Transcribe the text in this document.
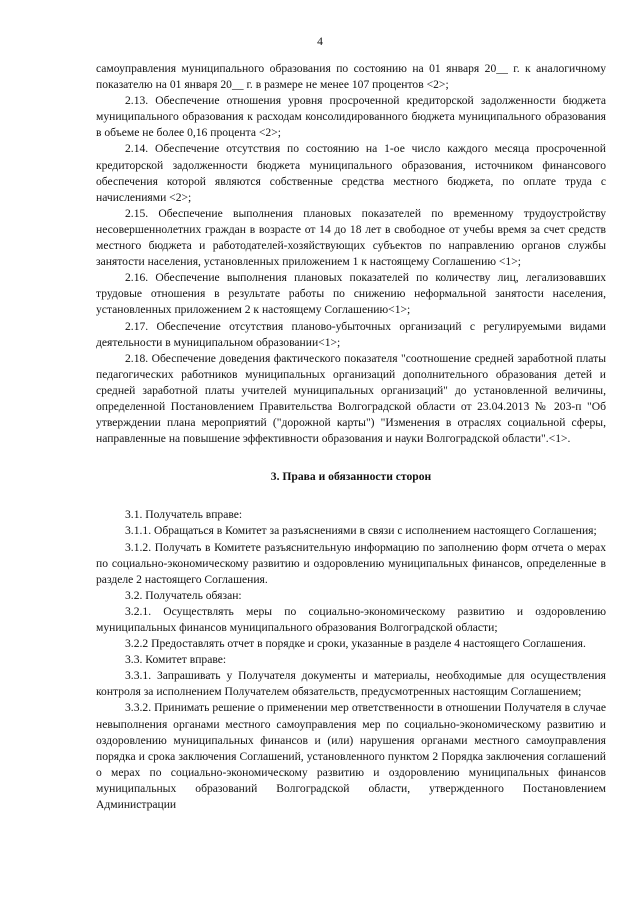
4

самоуправления муниципального образования по состоянию на 01 января 20__ г. к аналогичному показателю на 01 января 20__ г. в размере не менее 107 процентов <2>;

2.13. Обеспечение отношения уровня просроченной кредиторской задолженности бюджета муниципального образования к расходам консолидированного бюджета муниципального образования в объеме не более 0,16 процента <2>;

2.14. Обеспечение отсутствия по состоянию на 1-ое число каждого месяца просроченной кредиторской задолженности бюджета муниципального образования, источником финансового обеспечения которой являются собственные средства местного бюджета, по оплате труда с начислениями <2>;

2.15. Обеспечение выполнения плановых показателей по временному трудоустройству несовершеннолетних граждан в возрасте от 14 до 18 лет в свободное от учебы время за счет средств местного бюджета и работодателей-хозяйствующих субъектов по направлению органов службы занятости населения, установленных приложением 1 к настоящему Соглашению <1>;

2.16. Обеспечение выполнения плановых показателей по количеству лиц, легализовавших трудовые отношения в результате работы по снижению неформальной занятости населения, установленных приложением 2 к настоящему Соглашению<1>;

2.17. Обеспечение отсутствия планово-убыточных организаций с регулируемыми видами деятельности в муниципальном образовании<1>;

2.18. Обеспечение доведения фактического показателя "соотношение средней заработной платы педагогических работников муниципальных организаций дополнительного образования детей и средней заработной платы учителей муниципальных организаций" до установленной величины, определенной Постановлением Правительства Волгоградской области от 23.04.2013 № 203-п "Об утверждении плана мероприятий ("дорожной карты") "Изменения в отраслях социальной сферы, направленные на повышение эффективности образования и науки Волгоградской области".<1>.

3. Права и обязанности сторон

3.1. Получатель вправе:

3.1.1. Обращаться в Комитет за разъяснениями в связи с исполнением настоящего Соглашения;

3.1.2. Получать в Комитете разъяснительную информацию по заполнению форм отчета о мерах по социально-экономическому развитию и оздоровлению муниципальных финансов, определенные в разделе 2 настоящего Соглашения.

3.2. Получатель обязан:

3.2.1. Осуществлять меры по социально-экономическому развитию и оздоровлению муниципальных финансов муниципального образования Волгоградской области;

3.2.2 Предоставлять отчет в порядке и сроки, указанные в разделе 4 настоящего Соглашения.

3.3. Комитет вправе:

3.3.1. Запрашивать у Получателя документы и материалы, необходимые для осуществления контроля за исполнением Получателем обязательств, предусмотренных настоящим Соглашением;

3.3.2. Принимать решение о применении мер ответственности в отношении Получателя в случае невыполнения органами местного самоуправления мер по социально-экономическому развитию и оздоровлению муниципальных финансов и (или) нарушения органами местного самоуправления порядка и срока заключения Соглашений, установленного пунктом 2 Порядка заключения соглашений о мерах по социально-экономическому развитию и оздоровлению муниципальных финансов муниципальных образований Волгоградской области, утвержденного Постановлением Администрации
